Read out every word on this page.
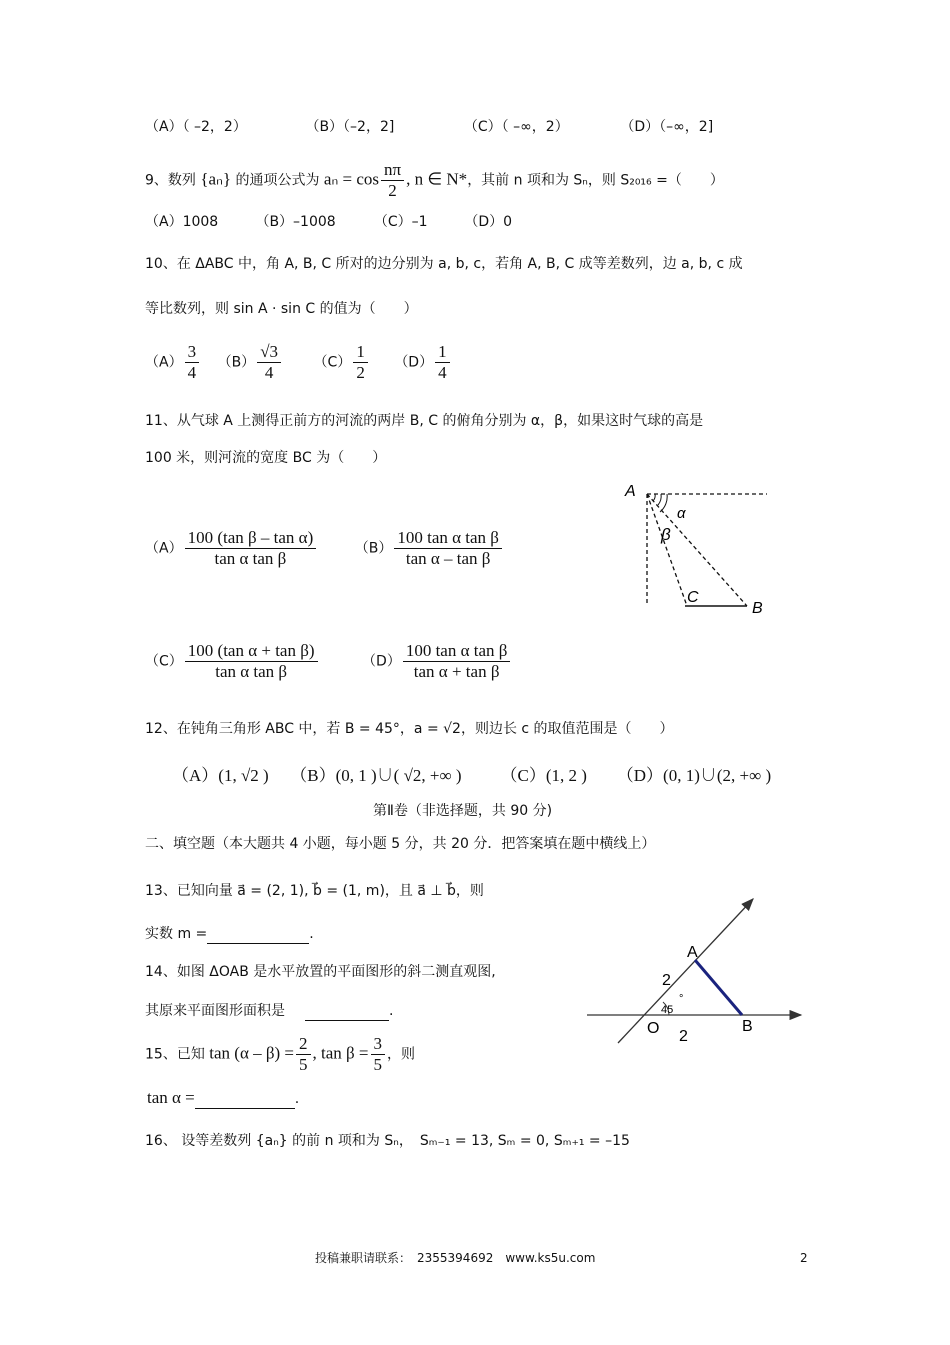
（A）（ –2，2）	（B）（–2，2]	（C）（ –∞，2）	（D）（–∞，2]
9、数列 {aₙ} 的通项公式为 $a_n = \cos \frac{n\pi}{2}$ , n ∈ N*，其前 n 项和为 Sₙ，则 S₂₀₁₆ =（　　）
（A）1008	（B）–1008	（C）–1	（D）0
10、在 ΔABC 中，角 A, B, C 所对的边分别为 a, b, c，若角 A, B, C 成等差数列，边 a, b, c 成
等比数列，则 sin A · sin C 的值为（　　）
$(A) \frac{3}{4} (B) \frac{√3}{4} (C) \frac{1}{2} (D) \frac{1}{4}$
11、从气球 A 上测得正前方的河流的两岸 B, C 的俯角分别为 α，β，如果这时气球的高是
100 米，则河流的宽度 BC 为（　　）
$(A) \frac{\text{100 (tan β – tan α)}}{\text{tan α tan β}}$	$(B) \frac{\text{100 tan α tan β}}{\text{tan α – tan β}}$
$(C) \frac{\text{100 (tan α + tan β)}}{\text{tan α tan β}}$	$(D) \frac{\text{100 tan α tan β}}{\text{tan α + tan β}}$
A
α
β
C
B
12、在钝角三角形 ABC 中，若 B = 45°，a = √2，则边长 c 的取值范围是（　　）
（A）(1, √2 ) （B）(0, 1 )∪( √2, +∞ ) （C）(1, 2 ) （D）(0, 1)∪(2, +∞ )
第Ⅱ卷（非选择题，共 90 分)
二、填空题（本大题共 4 小题，每小题 5 分，共 20 分．把答案填在题中横线上）
13、已知向量 a⃗ = (2, 1), b⃗ = (1, m)，且 a⃗ ⊥ b⃗，则
实数 m =	.
14、如图 ΔOAB 是水平放置的平面图形的斜二测直观图,
其原来平面图形面积是	.
A
2
45
°
O 2
B
15、已知 $\tan (\alpha - \beta) = \frac{2}{5}$ , $\tan \beta = \frac{3}{5}$ ，则
tan α =	.
16、 设等差数列 {aₙ} 的前 n 项和为 Sₙ，　Sₘ₋₁ = 13, Sₘ = 0, Sₘ₊₁ = –15
投稿兼职请联系：　2355394692　www.ks5u.com	2
